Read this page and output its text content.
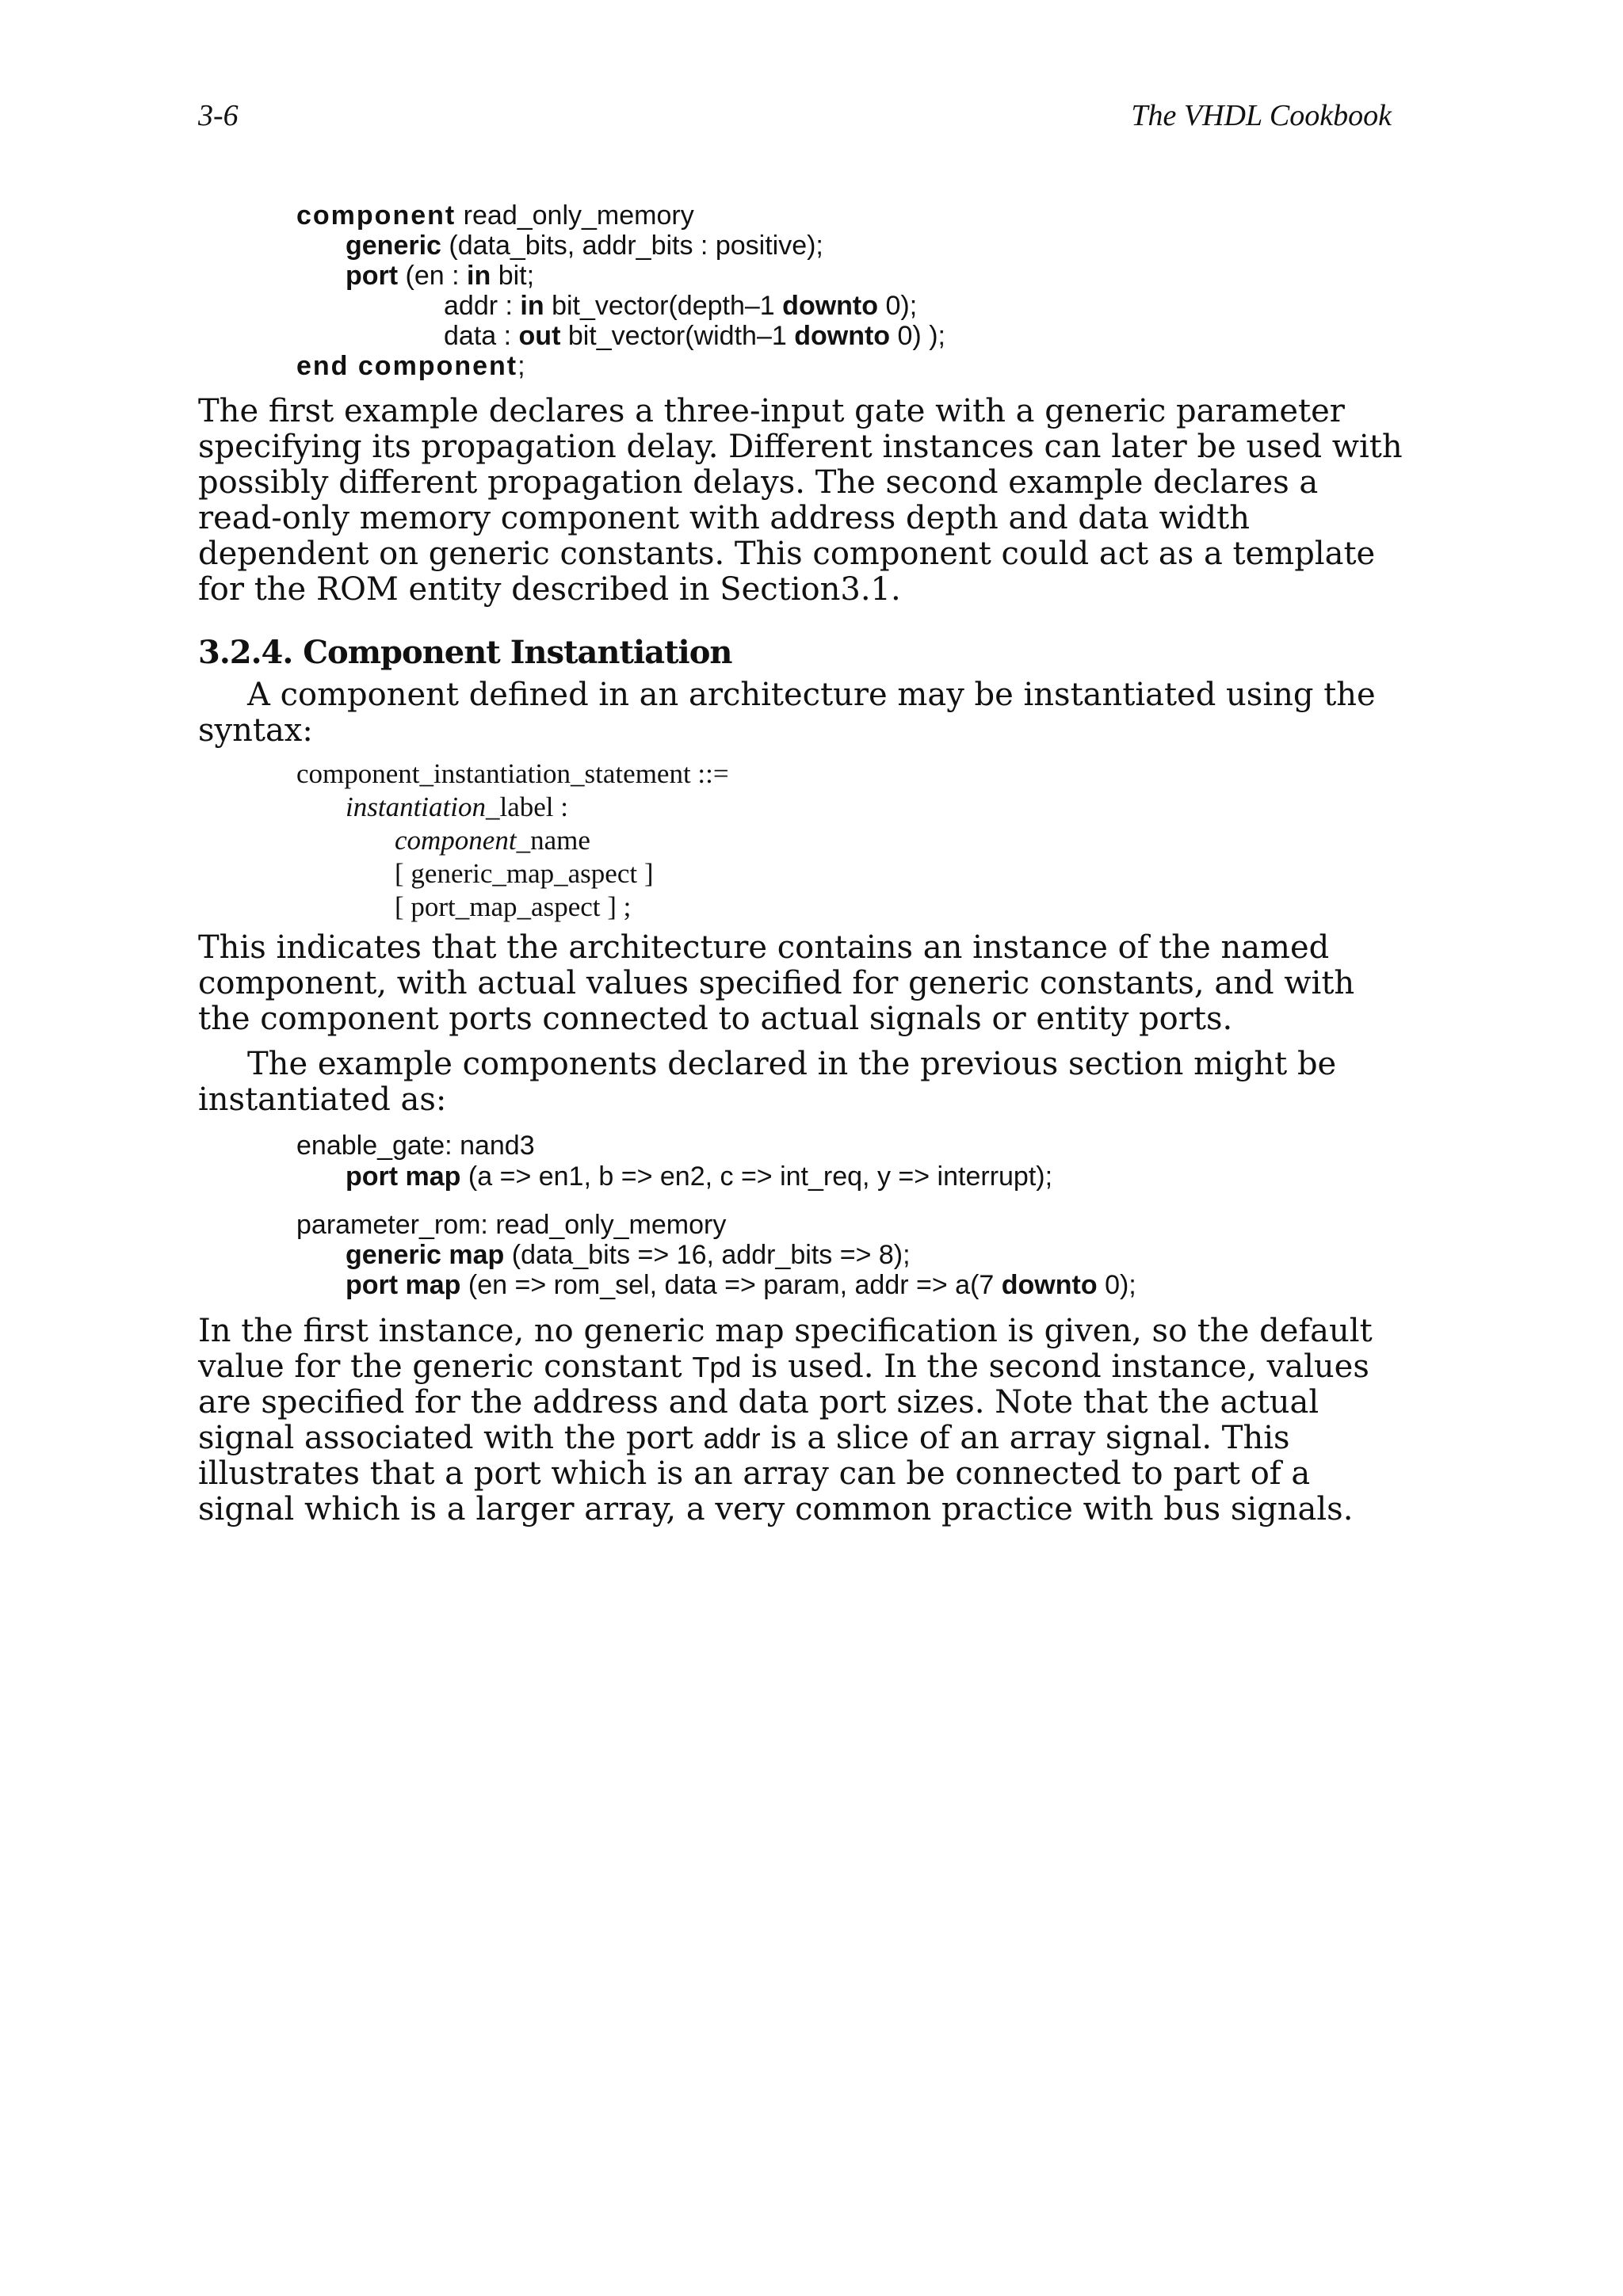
3-6	The VHDL Cookbook
component read_only_memory
generic (data_bits, addr_bits : positive);
port (en : in bit;
addr : in bit_vector(depth–1 downto 0);
data : out bit_vector(width–1 downto 0) );
end component;

The first example declares a three-input gate with a generic parameter specifying its propagation delay. Different instances can later be used with possibly different propagation delays. The second example declares a read-only memory component with address depth and data width dependent on generic constants. This component could act as a template for the ROM entity described in Section3.1.

3.2.4. Component Instantiation

A component defined in an architecture may be instantiated using the syntax:

component_instantiation_statement ::=
instantiation_label :
component_name
[ generic_map_aspect ]
[ port_map_aspect ] ;

This indicates that the architecture contains an instance of the named component, with actual values specified for generic constants, and with the component ports connected to actual signals or entity ports.

The example components declared in the previous section might be instantiated as:

enable_gate: nand3
port map (a => en1, b => en2, c => int_req, y => interrupt);
parameter_rom: read_only_memory
generic map (data_bits => 16, addr_bits => 8);
port map (en => rom_sel, data => param, addr => a(7 downto 0);

In the first instance, no generic map specification is given, so the default value for the generic constant Tpd is used. In the second instance, values are specified for the address and data port sizes. Note that the actual signal associated with the port addr is a slice of an array signal. This illustrates that a port which is an array can be connected to part of a signal which is a larger array, a very common practice with bus signals.
